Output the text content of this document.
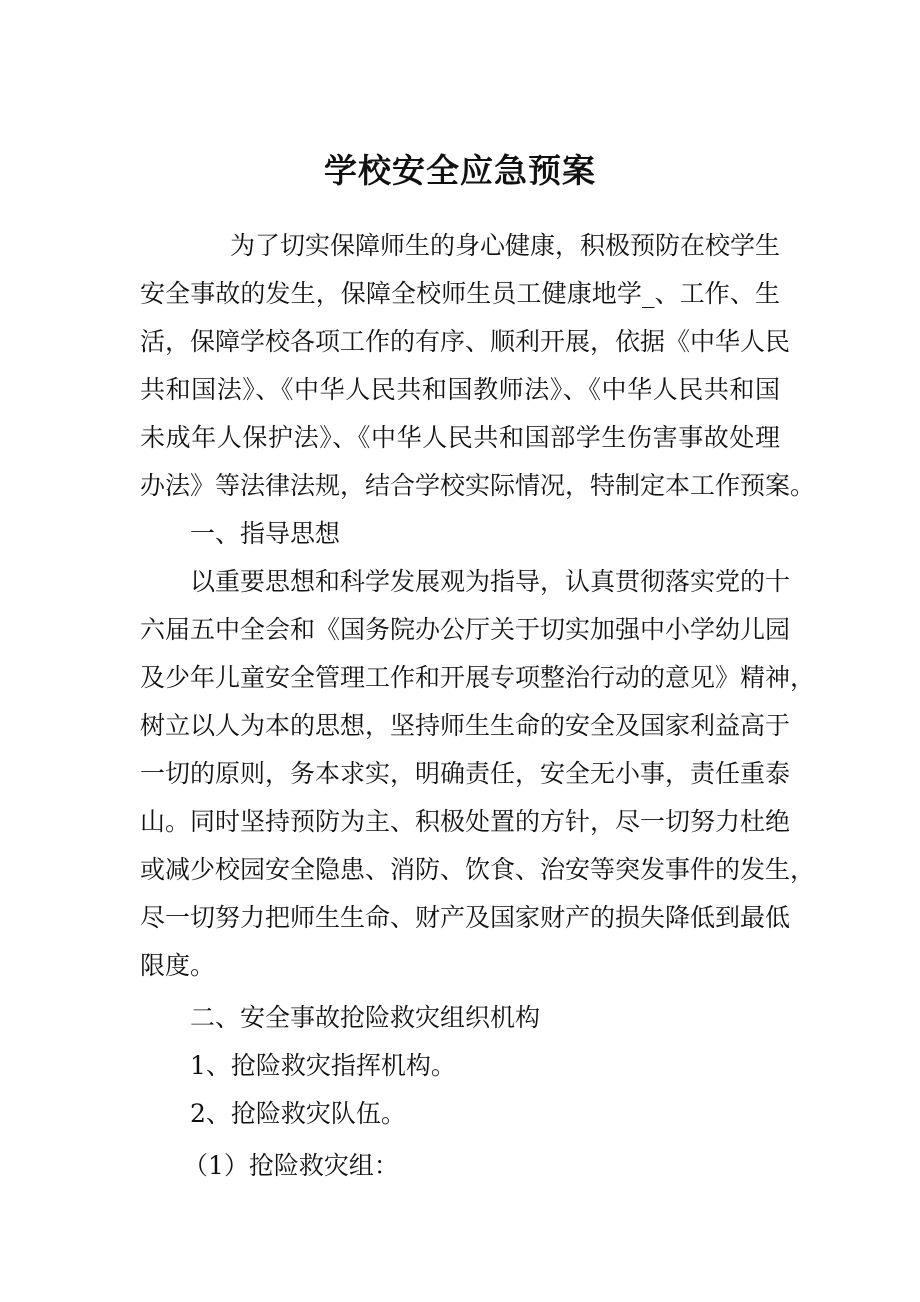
学校安全应急预案
为了切实保障师生的身心健康，积极预防在校学生
安全事故的发生，保障全校师生员工健康地学_、工作、生
活，保障学校各项工作的有序、顺利开展，依据《中华人民
共和国法》、《中华人民共和国教师法》、《中华人民共和国
未成年人保护法》、《中华人民共和国部学生伤害事故处理
办法》等法律法规，结合学校实际情况，特制定本工作预案。
一、指导思想
以重要思想和科学发展观为指导，认真贯彻落实党的十
六届五中全会和《国务院办公厅关于切实加强中小学幼儿园
及少年儿童安全管理工作和开展专项整治行动的意见》精神，
树立以人为本的思想，坚持师生生命的安全及国家利益高于
一切的原则，务本求实，明确责任，安全无小事，责任重泰
山。同时坚持预防为主、积极处置的方针，尽一切努力杜绝
或减少校园安全隐患、消防、饮食、治安等突发事件的发生，
尽一切努力把师生生命、财产及国家财产的损失降低到最低
限度。
二、安全事故抢险救灾组织机构
1、抢险救灾指挥机构。
2、抢险救灾队伍。
（1）抢险救灾组：
